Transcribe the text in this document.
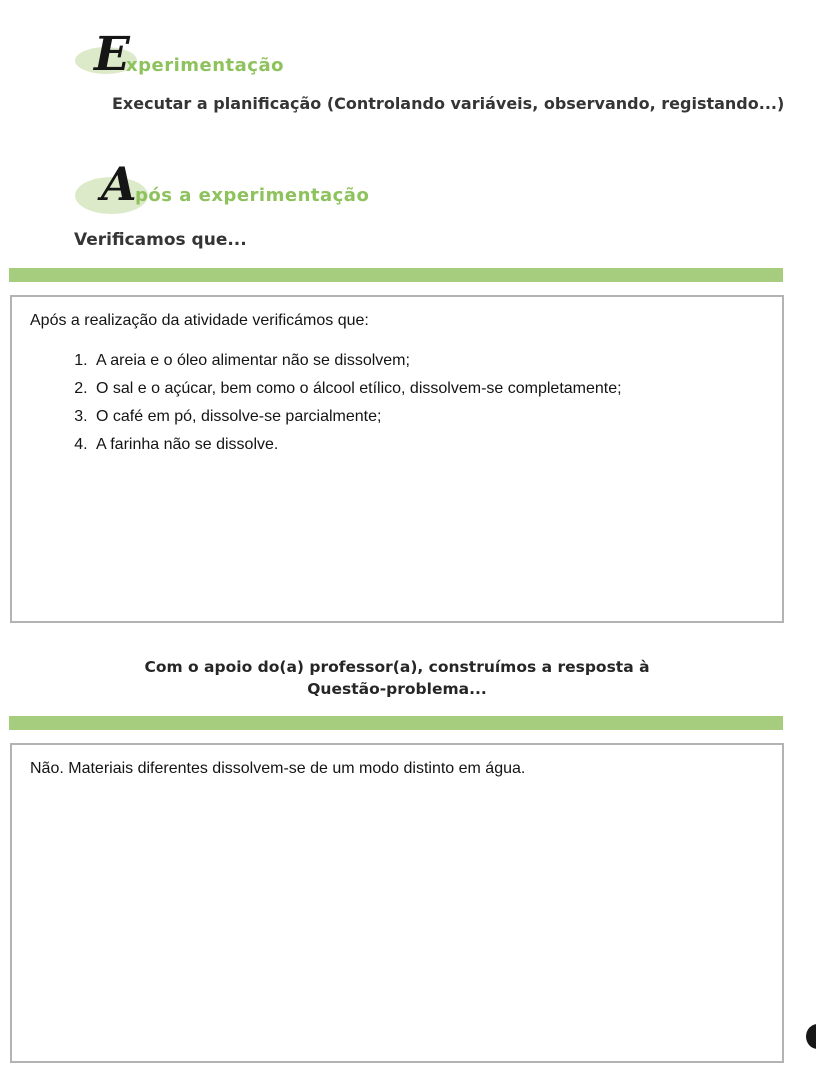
E
xperimentação
Executar a planificação (Controlando variáveis, observando, registando...)
A
pós a experimentação
Verificamos que...

Após a realização da atividade verificámos que:

1. A areia e o óleo alimentar não se dissolvem;
2. O sal e o açúcar, bem como o álcool etílico, dissolvem-se completamente;
3. O café em pó, dissolve-se parcialmente;
4. A farinha não se dissolve.
Com o apoio do(a) professor(a), construímos a resposta à
Questão-problema...

Não. Materiais diferentes dissolvem-se de um modo distinto em água.
